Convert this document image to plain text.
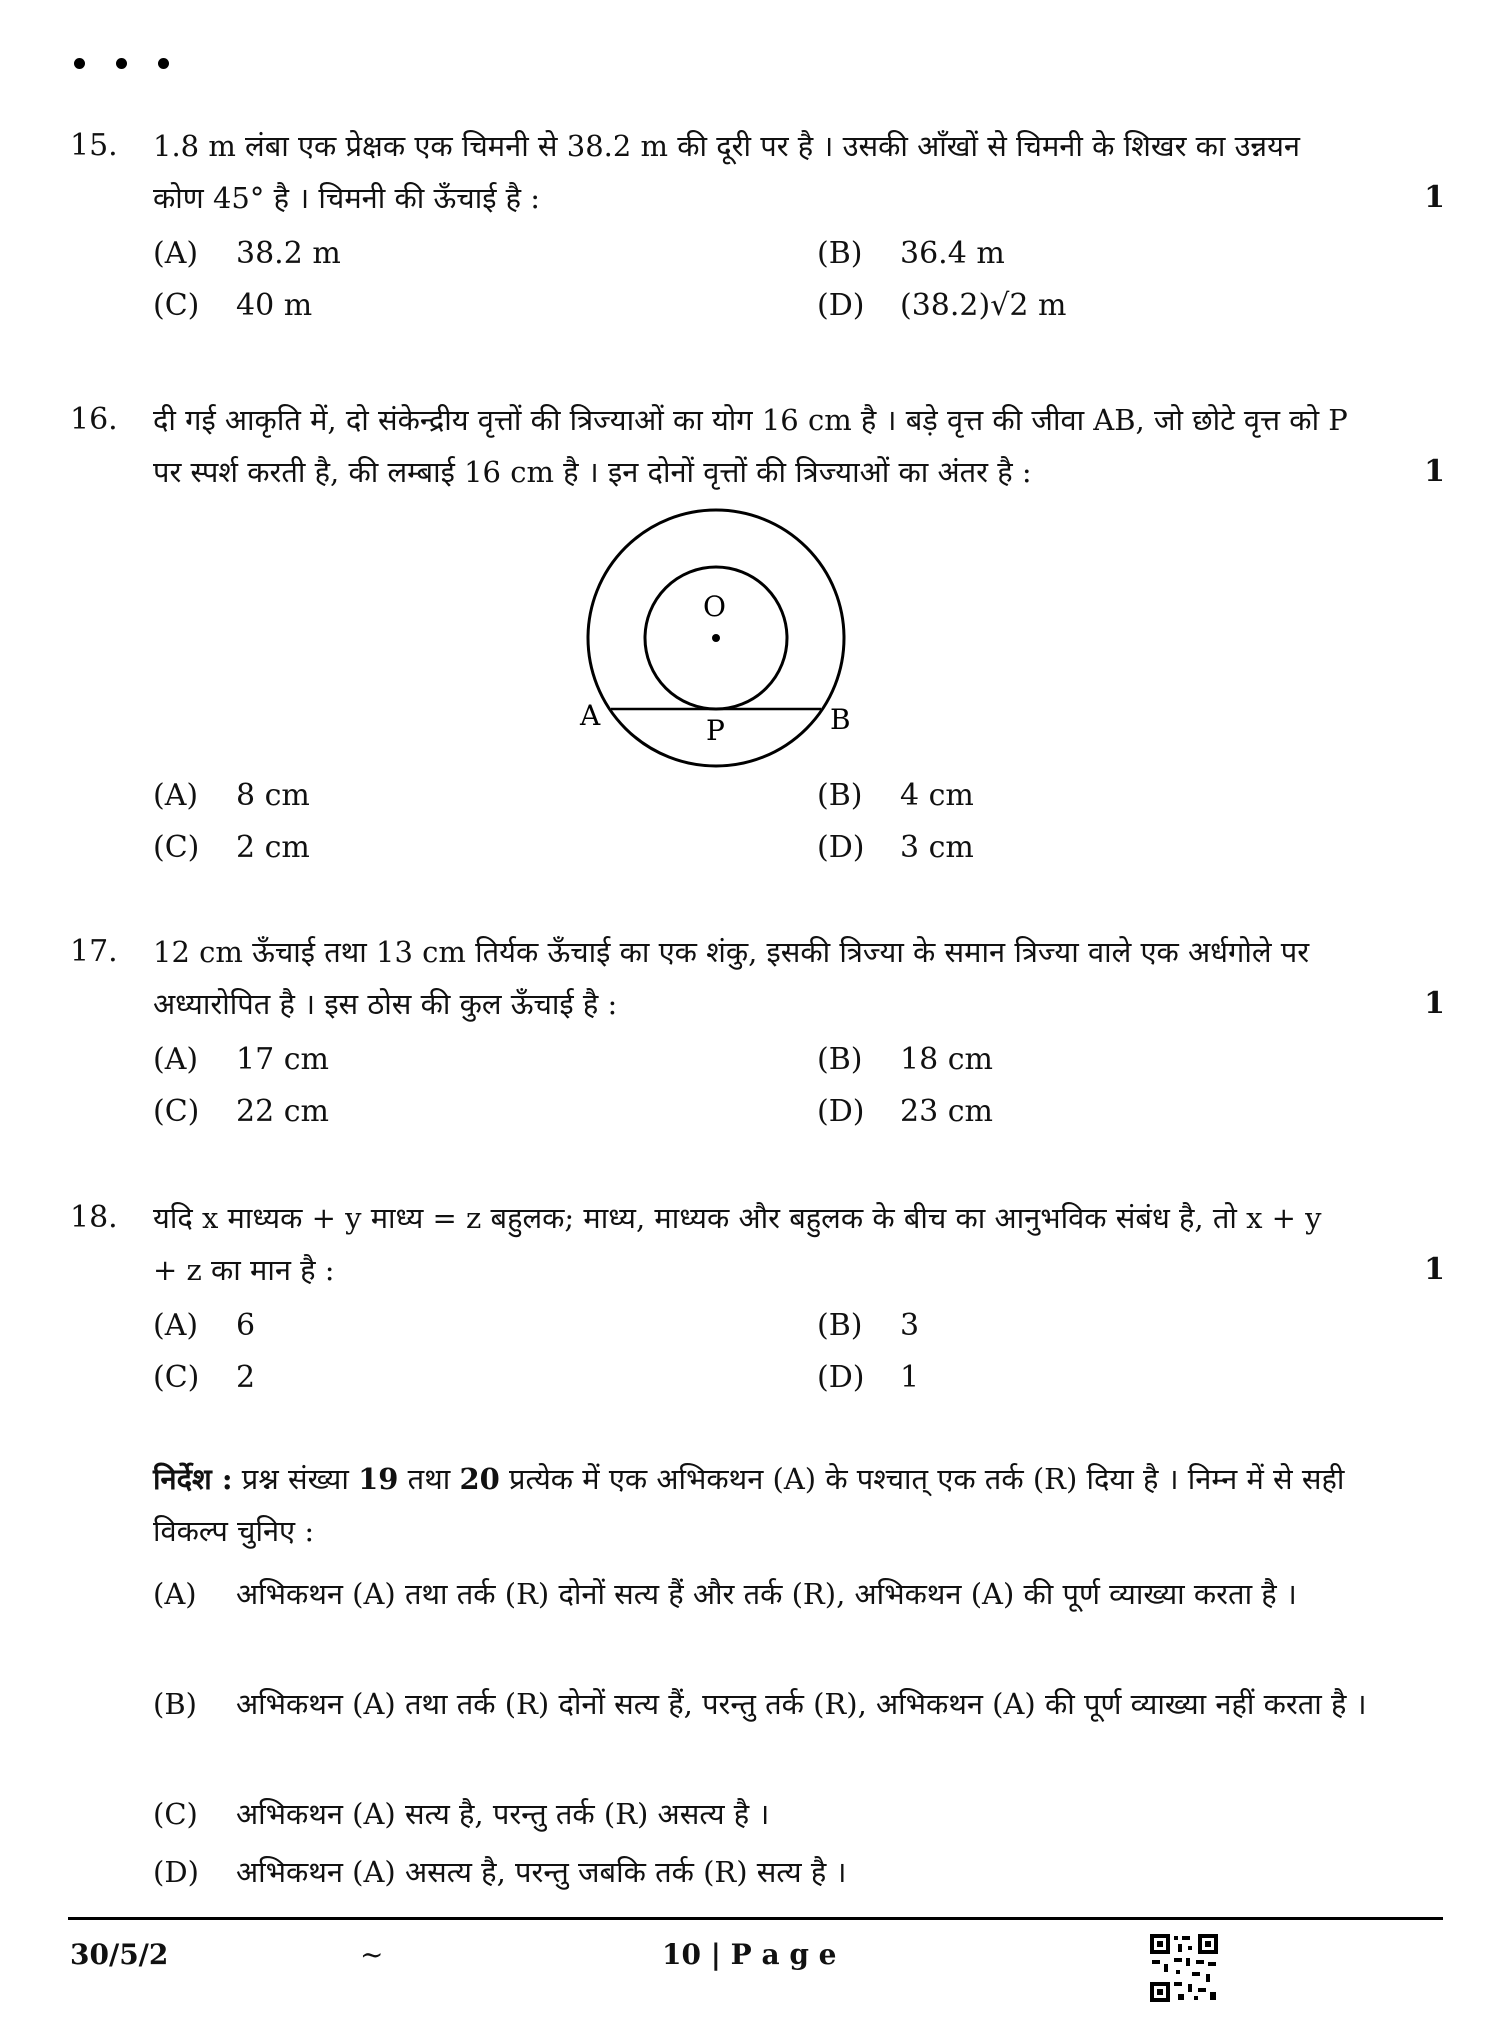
15. 1.8 m लंबा एक प्रेक्षक एक चिमनी से 38.2 m की दूरी पर है । उसकी आँखों से चिमनी के शिखर का उन्नयन कोण 45° है । चिमनी की ऊँचाई है :	1
(A) 38.2 m	(B) 36.4 m
(C) 40 m	(D) (38.2)√2 m
16. दी गई आकृति में, दो संकेन्द्रीय वृत्तों की त्रिज्याओं का योग 16 cm है । बड़े वृत्त की जीवा AB, जो छोटे वृत्त को P पर स्पर्श करती है, की लम्बाई 16 cm है । इन दोनों वृत्तों की त्रिज्याओं का अंतर है :	1
O
A	B
P
(A) 8 cm	(B) 4 cm
(C) 2 cm	(D) 3 cm
17. 12 cm ऊँचाई तथा 13 cm तिर्यक ऊँचाई का एक शंकु, इसकी त्रिज्या के समान त्रिज्या वाले एक अर्धगोले पर अध्यारोपित है । इस ठोस की कुल ऊँचाई है :	1
(A) 17 cm	(B) 18 cm
(C) 22 cm	(D) 23 cm
18. यदि x माध्यक + y माध्य = z बहुलक; माध्य, माध्यक और बहुलक के बीच का आनुभविक संबंध है, तो x + y + z का मान है :	1
(A) 6	(B) 3
(C) 2	(D) 1
निर्देश : प्रश्न संख्या 19 तथा 20 प्रत्येक में एक अभिकथन (A) के पश्चात् एक तर्क (R) दिया है । निम्न में से सही विकल्प चुनिए :
(A) अभिकथन (A) तथा तर्क (R) दोनों सत्य हैं और तर्क (R), अभिकथन (A) की पूर्ण व्याख्या करता है ।
(B) अभिकथन (A) तथा तर्क (R) दोनों सत्य हैं, परन्तु तर्क (R), अभिकथन (A) की पूर्ण व्याख्या नहीं करता है ।
(C) अभिकथन (A) सत्य है, परन्तु तर्क (R) असत्य है ।
(D) अभिकथन (A) असत्य है, परन्तु जबकि तर्क (R) सत्य है ।
30/5/2	~	10 | P a g e
